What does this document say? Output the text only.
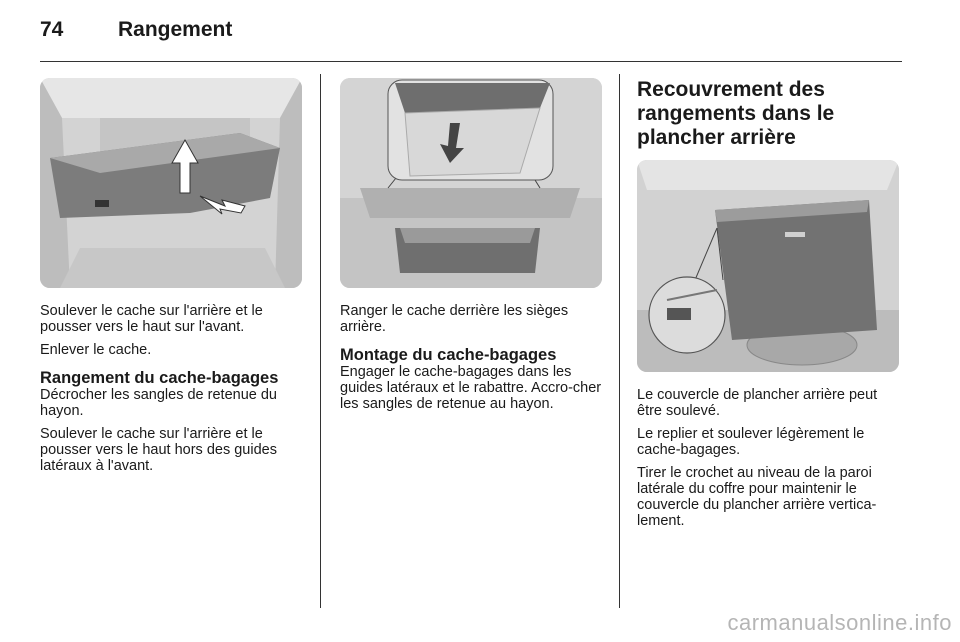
74	Rangement

Soulever le cache sur l'arrière et le pousser vers le haut sur l'avant.

Enlever le cache.

Rangement du cache-bagages

Décrocher les sangles de retenue du hayon.

Soulever le cache sur l'arrière et le pousser vers le haut hors des guides latéraux à l'avant.

Ranger le cache derrière les sièges arrière.

Montage du cache-bagages

Engager le cache-bagages dans les guides latéraux et le rabattre. Accro-cher les sangles de retenue au hayon.

Recouvrement des rangements dans le plancher arrière

Le couvercle de plancher arrière peut être soulevé.

Le replier et soulever légèrement le cache-bagages.

Tirer le crochet au niveau de la paroi latérale du coffre pour maintenir le couvercle du plancher arrière vertica-lement.

carmanualsonline.info
